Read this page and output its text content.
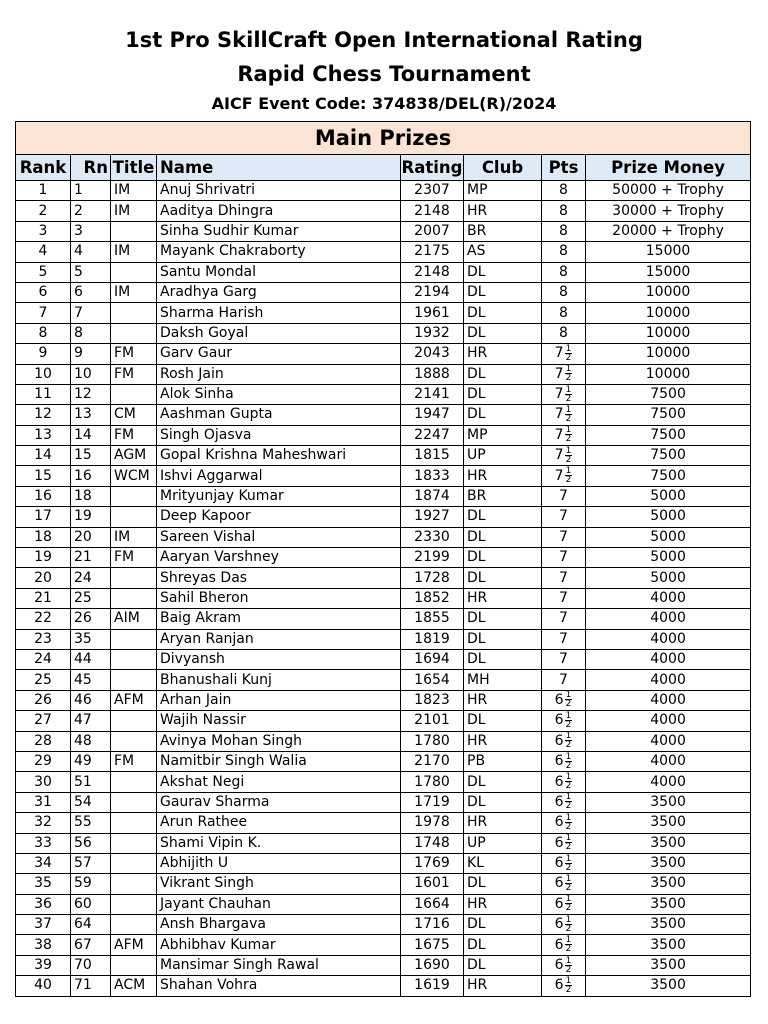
1st Pro SkillCraft Open International Rating
Rapid Chess Tournament
AICF Event Code: 374838/DEL(R)/2024
Main Prizes							
Rank	Rn	Title	Name	Rating	Club	Pts	Prize Money
1	1	IM	Anuj Shrivatri	2307	MP	8	50000 + Trophy
2	2	IM	Aaditya Dhingra	2148	HR	8	30000 + Trophy
3	3		Sinha Sudhir Kumar	2007	BR	8	20000 + Trophy
4	4	IM	Mayank Chakraborty	2175	AS	8	15000
5	5		Santu Mondal	2148	DL	8	15000
6	6	IM	Aradhya Garg	2194	DL	8	10000
7	7		Sharma Harish	1961	DL	8	10000
8	8		Daksh Goyal	1932	DL	8	10000
9	9	FM	Garv Gaur	2043	HR	$7 \frac{1}{2}$	10000
10	10	FM	Rosh Jain	1888	DL	$7 \frac{1}{2}$	10000
11	12		Alok Sinha	2141	DL	$7 \frac{1}{2}$	7500
12	13	CM	Aashman Gupta	1947	DL	$7 \frac{1}{2}$	7500
13	14	FM	Singh Ojasva	2247	MP	$7 \frac{1}{2}$	7500
14	15	AGM	Gopal Krishna Maheshwari	1815	UP	$7 \frac{1}{2}$	7500
15	16	WCM	Ishvi Aggarwal	1833	HR	$7 \frac{1}{2}$	7500
16	18		Mrityunjay Kumar	1874	BR	7	5000
17	19		Deep Kapoor	1927	DL	7	5000
18	20	IM	Sareen Vishal	2330	DL	7	5000
19	21	FM	Aaryan Varshney	2199	DL	7	5000
20	24		Shreyas Das	1728	DL	7	5000
21	25		Sahil Bheron	1852	HR	7	4000
22	26	AIM	Baig Akram	1855	DL	7	4000
23	35		Aryan Ranjan	1819	DL	7	4000
24	44		Divyansh	1694	DL	7	4000
25	45		Bhanushali Kunj	1654	MH	7	4000
26	46	AFM	Arhan Jain	1823	HR	$6 \frac{1}{2}$	4000
27	47		Wajih Nassir	2101	DL	$6 \frac{1}{2}$	4000
28	48		Avinya Mohan Singh	1780	HR	$6 \frac{1}{2}$	4000
29	49	FM	Namitbir Singh Walia	2170	PB	$6 \frac{1}{2}$	4000
30	51		Akshat Negi	1780	DL	$6 \frac{1}{2}$	4000
31	54		Gaurav Sharma	1719	DL	$6 \frac{1}{2}$	3500
32	55		Arun Rathee	1978	HR	$6 \frac{1}{2}$	3500
33	56		Shami Vipin K.	1748	UP	$6 \frac{1}{2}$	3500
34	57		Abhijith U	1769	KL	$6 \frac{1}{2}$	3500
35	59		Vikrant Singh	1601	DL	$6 \frac{1}{2}$	3500
36	60		Jayant Chauhan	1664	HR	$6 \frac{1}{2}$	3500
37	64		Ansh Bhargava	1716	DL	$6 \frac{1}{2}$	3500
38	67	AFM	Abhibhav Kumar	1675	DL	$6 \frac{1}{2}$	3500
39	70		Mansimar Singh Rawal	1690	DL	$6 \frac{1}{2}$	3500
40	71	ACM	Shahan Vohra	1619	HR	$6 \frac{1}{2}$	3500
